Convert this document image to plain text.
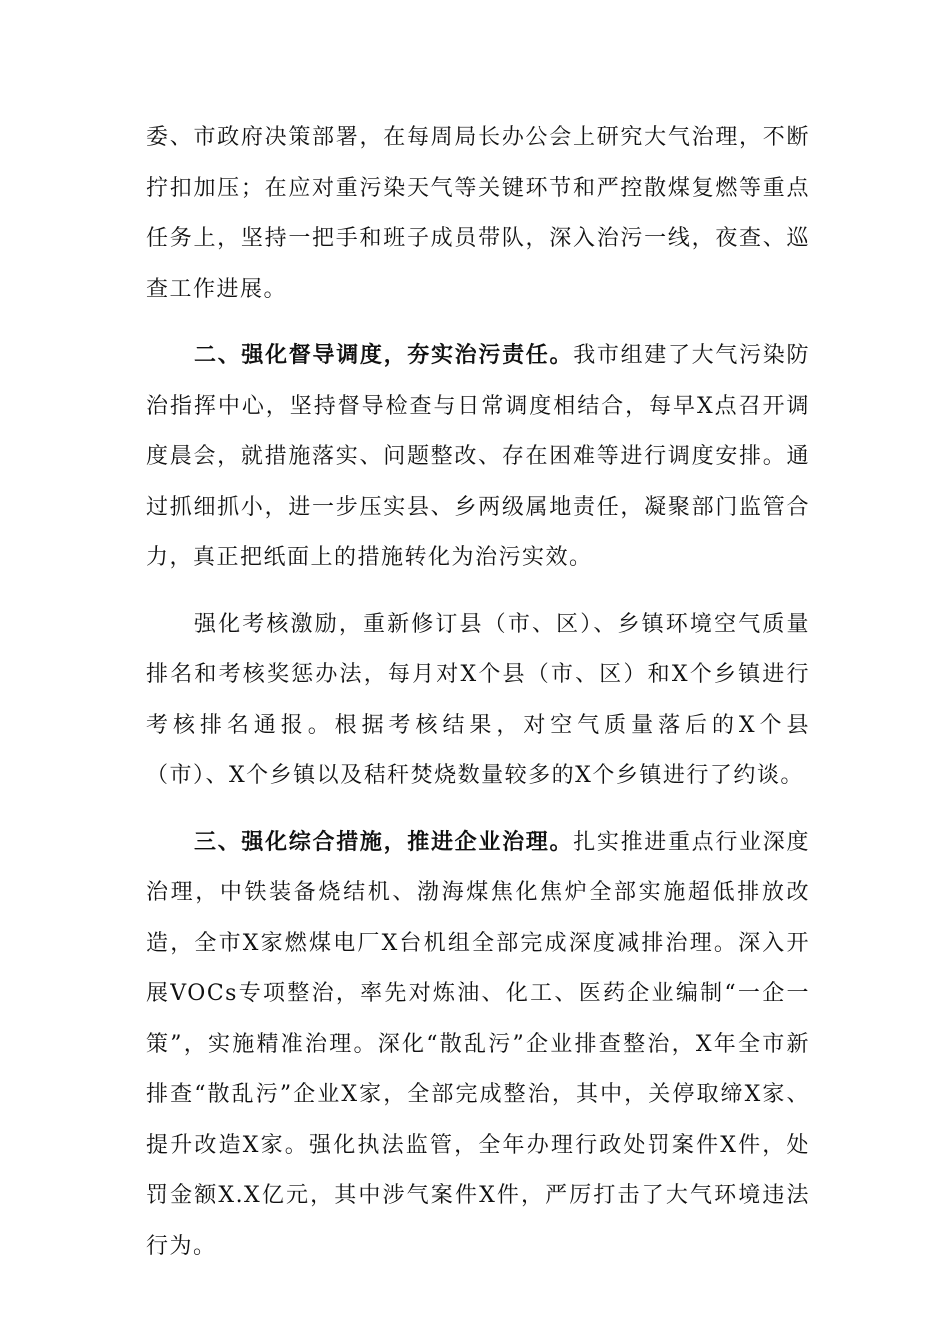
委、市政府决策部署，在每周局长办公会上研究大气治理，不断拧扣加压；在应对重污染天气等关键环节和严控散煤复燃等重点任务上，坚持一把手和班子成员带队，深入治污一线，夜查、巡查工作进展。

二、强化督导调度，夯实治污责任。我市组建了大气污染防治指挥中心，坚持督导检查与日常调度相结合，每早X点召开调度晨会，就措施落实、问题整改、存在困难等进行调度安排。通过抓细抓小，进一步压实县、乡两级属地责任，凝聚部门监管合力，真正把纸面上的措施转化为治污实效。

强化考核激励，重新修订县（市、区）、乡镇环境空气质量排名和考核奖惩办法，每月对X个县（市、区）和X个乡镇进行考核排名通报。根据考核结果，对空气质量落后的X个县（市）、X个乡镇以及秸秆焚烧数量较多的X个乡镇进行了约谈。

三、强化综合措施，推进企业治理。扎实推进重点行业深度治理，中铁装备烧结机、渤海煤焦化焦炉全部实施超低排放改造，全市X家燃煤电厂X台机组全部完成深度减排治理。深入开展VOCs专项整治，率先对炼油、化工、医药企业编制“一企一策”，实施精准治理。深化“散乱污”企业排查整治，X年全市新排查“散乱污”企业X家，全部完成整治，其中，关停取缔X家、提升改造X家。强化执法监管，全年办理行政处罚案件X件，处罚金额X.X亿元，其中涉气案件X件，严厉打击了大气环境违法行为。
